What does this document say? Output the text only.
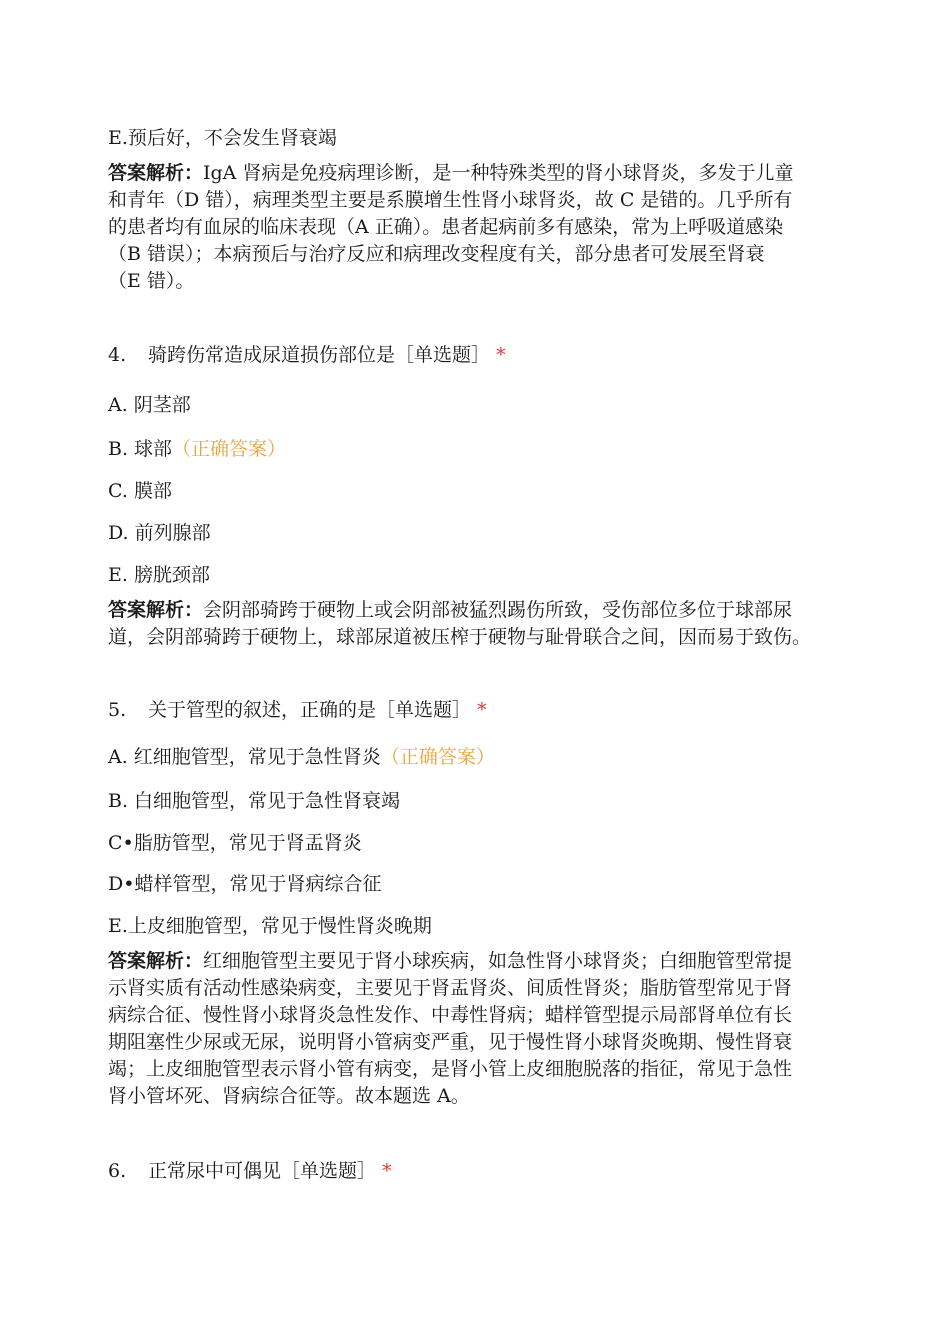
E.预后好，不会发生肾衰竭
答案解析：IgA 肾病是免疫病理诊断，是一种特殊类型的肾小球肾炎，多发于儿童
和青年（D 错），病理类型主要是系膜增生性肾小球肾炎，故 C 是错的。几乎所有
的患者均有血尿的临床表现（A 正确）。患者起病前多有感染，常为上呼吸道感染
（B 错误）；本病预后与治疗反应和病理改变程度有关，部分患者可发展至肾衰
（E 错）。
4. 骑跨伤常造成尿道损伤部位是［单选题］ *
A. 阴茎部
B. 球部（正确答案）
C. 膜部
D. 前列腺部
E. 膀胱颈部
答案解析：会阴部骑跨于硬物上或会阴部被猛烈踢伤所致，受伤部位多位于球部尿
道，会阴部骑跨于硬物上，球部尿道被压榨于硬物与耻骨联合之间，因而易于致伤。
5. 关于管型的叙述，正确的是［单选题］ *
A. 红细胞管型，常见于急性肾炎（正确答案）
B. 白细胞管型，常见于急性肾衰竭
C•脂肪管型，常见于肾盂肾炎
D•蜡样管型，常见于肾病综合征
E.上皮细胞管型，常见于慢性肾炎晚期
答案解析：红细胞管型主要见于肾小球疾病，如急性肾小球肾炎；白细胞管型常提
示肾实质有活动性感染病变，主要见于肾盂肾炎、间质性肾炎；脂肪管型常见于肾
病综合征、慢性肾小球肾炎急性发作、中毒性肾病；蜡样管型提示局部肾单位有长
期阻塞性少尿或无尿，说明肾小管病变严重，见于慢性肾小球肾炎晚期、慢性肾衰
竭；上皮细胞管型表示肾小管有病变，是肾小管上皮细胞脱落的指征，常见于急性
肾小管坏死、肾病综合征等。故本题选 A。
6. 正常尿中可偶见［单选题］ *
